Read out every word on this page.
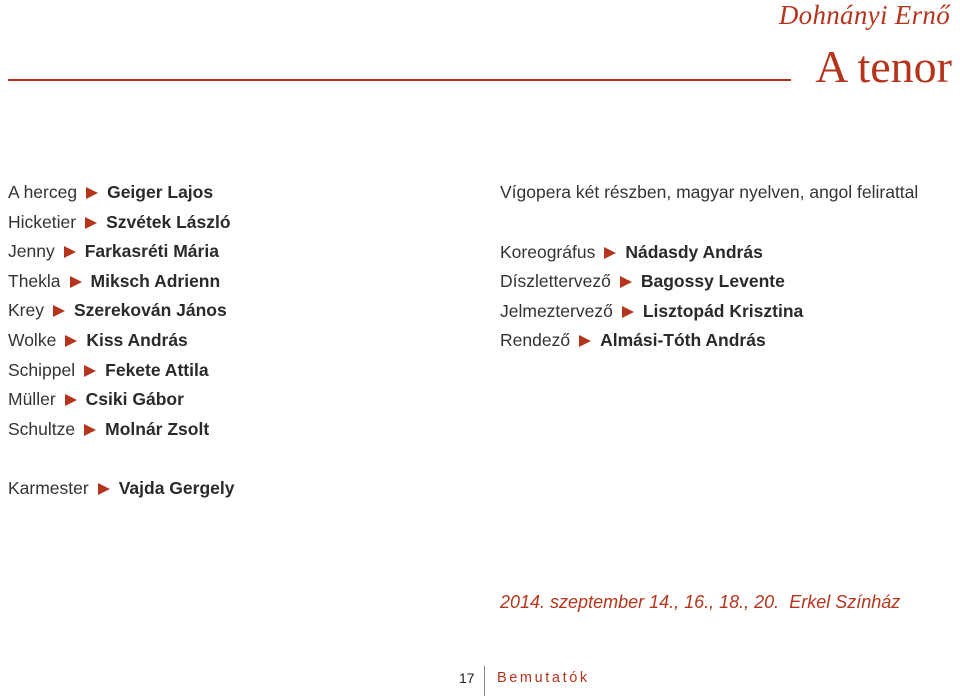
Dohnányi Ernő
A tenor
A herceg Geiger Lajos
Hicketier Szvétek László
Jenny Farkasréti Mária
Thekla Miksch Adrienn
Krey Szerekován János
Wolke Kiss András
Schippel Fekete Attila
Müller Csiki Gábor
Schultze Molnár Zsolt
Vígopera két részben, magyar nyelven, angol felirattal
Koreográfus Nádasdy András
Díszlettervező Bagossy Levente
Jelmeztervező Lisztopád Krisztina
Rendező Almási-Tóth András
Karmester Vajda Gergely
2014. szeptember 14., 16., 18., 20. Erkel Színház
17 Bemutatók
